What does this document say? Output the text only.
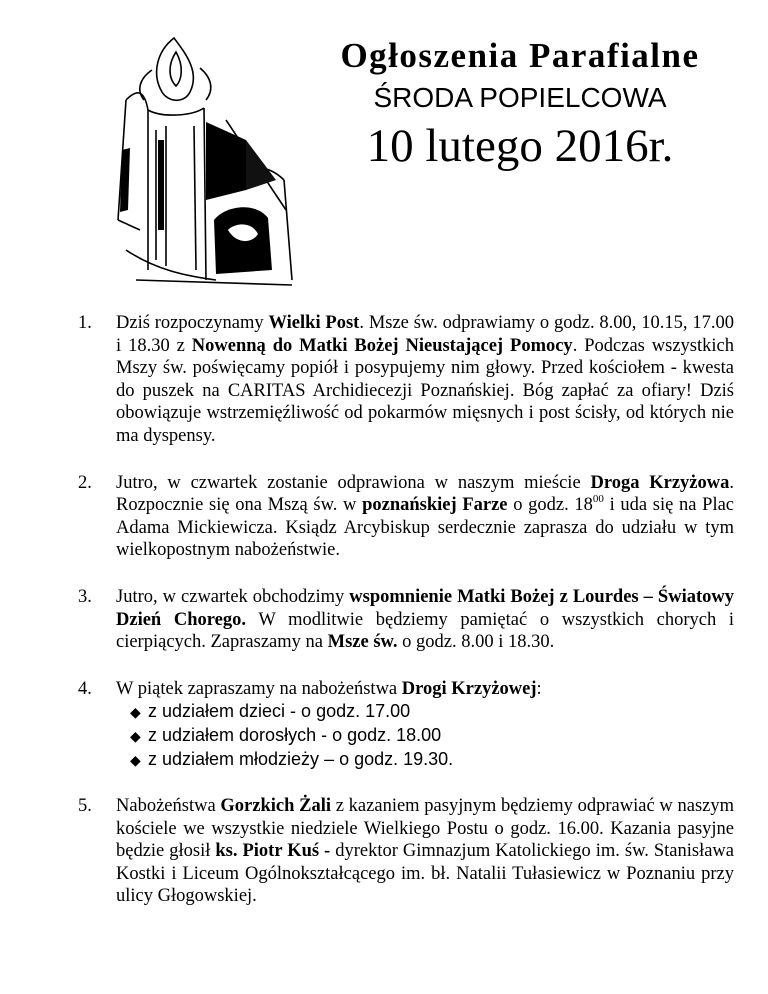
Ogłoszenia Parafialne
ŚRODA POPIELCOWA
10 lutego 2016r.
1. Dziś rozpoczynamy Wielki Post. Msze św. odprawiamy o godz. 8.00, 10.15, 17.00 i 18.30 z Nowenną do Matki Bożej Nieustającej Pomocy. Podczas wszystkich Mszy św. poświęcamy popiół i posypujemy nim głowy. Przed kościołem - kwesta do puszek na CARITAS Archidiecezji Poznańskiej. Bóg zapłać za ofiary! Dziś obowiązuje wstrzemięźliwość od pokarmów mięsnych i post ścisły, od których nie ma dyspensy.

2. Jutro, w czwartek zostanie odprawiona w naszym mieście Droga Krzyżowa. Rozpocznie się ona Mszą św. w poznańskiej Farze o godz. $18^{00}$ i uda się na Plac Adama Mickiewicza. Ksiądz Arcybiskup serdecznie zaprasza do udziału w tym wielkopostnym nabożeństwie.

3. Jutro, w czwartek obchodzimy wspomnienie Matki Bożej z Lourdes – Światowy Dzień Chorego. W modlitwie będziemy pamiętać o wszystkich chorych i cierpiących. Zapraszamy na Msze św. o godz. 8.00 i 18.30.

4. W piątek zapraszamy na nabożeństwa Drogi Krzyżowej:

◆ z udziałem dzieci - o godz. 17.00
◆ z udziałem dorosłych - o godz. 18.00
◆ z udziałem młodzieży – o godz. 19.30.
5. Nabożeństwa Gorzkich Żali z kazaniem pasyjnym będziemy odprawiać w naszym kościele we wszystkie niedziele Wielkiego Postu o godz. 16.00. Kazania pasyjne będzie głosił ks. Piotr Kuś - dyrektor Gimnazjum Katolickiego im. św. Stanisława Kostki i Liceum Ogólnokształcącego im. bł. Natalii Tułasiewicz w Poznaniu przy ulicy Głogowskiej.
